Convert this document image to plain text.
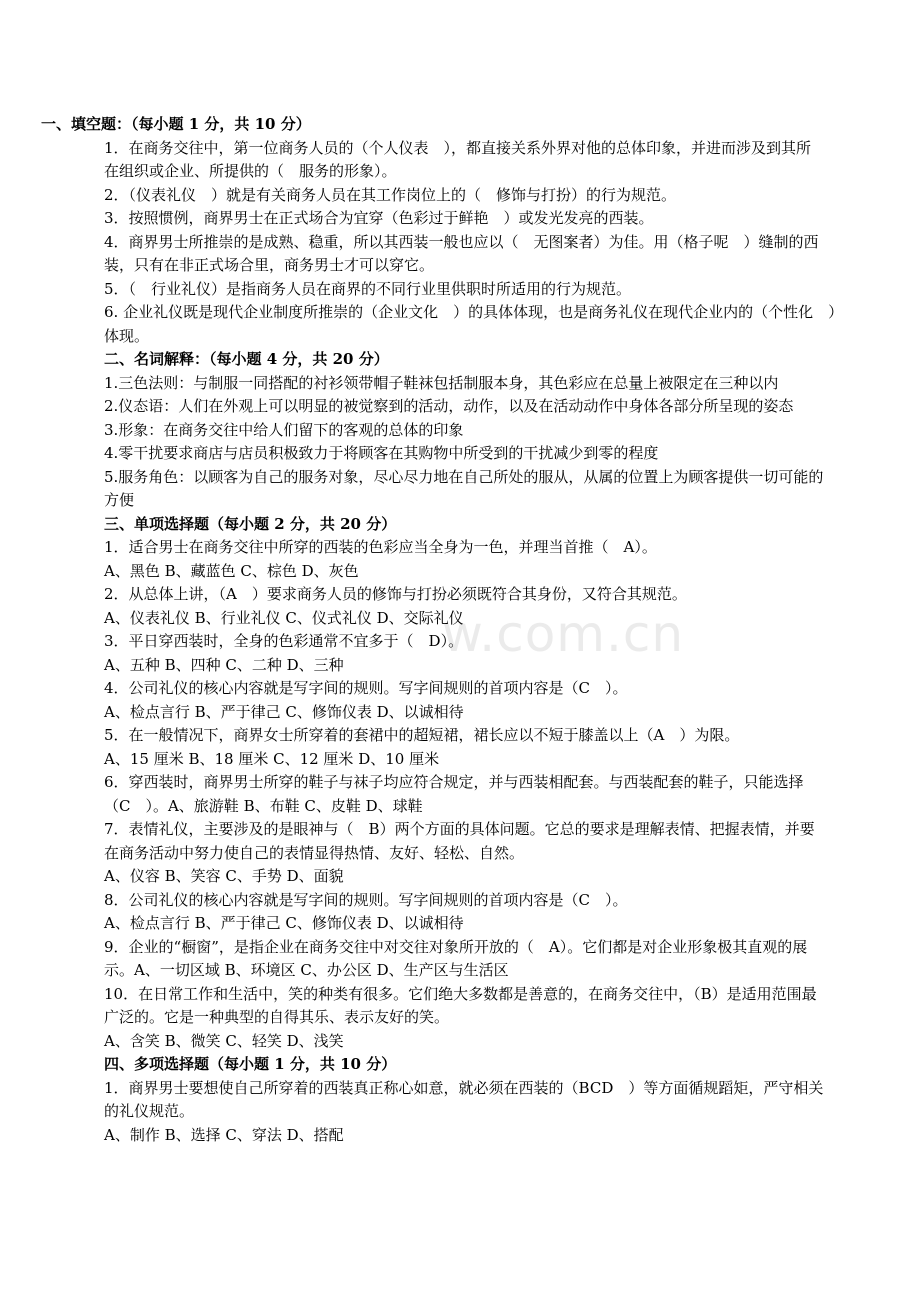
w.com.cn
一、填空题：（每小题 1 分，共 10 分）
1．在商务交往中，第一位商务人员的（个人仪表　），都直接关系外界对他的总体印象，并进而涉及到其所
在组织或企业、所提供的（　服务的形象）。
2．（仪表礼仪　）就是有关商务人员在其工作岗位上的（　修饰与打扮）的行为规范。
3．按照惯例，商界男士在正式场合为宜穿（色彩过于鲜艳　）或发光发亮的西装。
4．商界男士所推崇的是成熟、稳重，所以其西装一般也应以（　无图案者）为佳。用（格子呢　）缝制的西
装，只有在非正式场合里，商务男士才可以穿它。
5．（　行业礼仪）是指商务人员在商界的不同行业里供职时所适用的行为规范。
6. 企业礼仪既是现代企业制度所推崇的（企业文化　）的具体体现，也是商务礼仪在现代企业内的（个性化　）
体现。
二、名词解释：（每小题 4 分，共 20 分）
1.三色法则：与制服一同搭配的衬衫领带帽子鞋袜包括制服本身，其色彩应在总量上被限定在三种以内
2.仪态语：人们在外观上可以明显的被觉察到的活动，动作，以及在活动动作中身体各部分所呈现的姿态
3.形象：在商务交往中给人们留下的客观的总体的印象
4.零干扰要求商店与店员积极致力于将顾客在其购物中所受到的干扰减少到零的程度
5.服务角色：以顾客为自己的服务对象，尽心尽力地在自己所处的服从，从属的位置上为顾客提供一切可能的
方便
三、单项选择题（每小题 2 分，共 20 分）
1．适合男士在商务交往中所穿的西装的色彩应当全身为一色，并理当首推（　A）。
A、黑色 B、藏蓝色 C、棕色 D、灰色
2．从总体上讲，（A　）要求商务人员的修饰与打扮必须既符合其身份，又符合其规范。
A、仪表礼仪 B、行业礼仪 C、仪式礼仪 D、交际礼仪
3．平日穿西装时，全身的色彩通常不宜多于（　D）。
A、五种 B、四种 C、二种 D、三种
4．公司礼仪的核心内容就是写字间的规则。写字间规则的首项内容是（C　）。
A、检点言行 B、严于律己 C、修饰仪表 D、以诚相待
5．在一般情况下，商界女士所穿着的套裙中的超短裙，裙长应以不短于膝盖以上（A　）为限。
A、15 厘米 B、18 厘米 C、12 厘米 D、10 厘米
6．穿西装时，商界男士所穿的鞋子与袜子均应符合规定，并与西装相配套。与西装配套的鞋子，只能选择
（C　）。A、旅游鞋 B、布鞋 C、皮鞋 D、球鞋
7．表情礼仪，主要涉及的是眼神与（　B）两个方面的具体问题。它总的要求是理解表情、把握表情，并要
在商务活动中努力使自己的表情显得热情、友好、轻松、自然。
A、仪容 B、笑容 C、手势 D、面貌
8．公司礼仪的核心内容就是写字间的规则。写字间规则的首项内容是（C　）。
A、检点言行 B、严于律己 C、修饰仪表 D、以诚相待
9．企业的“橱窗”，是指企业在商务交往中对交往对象所开放的（　A）。它们都是对企业形象极其直观的展
示。A、一切区域 B、环境区 C、办公区 D、生产区与生活区
10．在日常工作和生活中，笑的种类有很多。它们绝大多数都是善意的，在商务交往中，（B）是适用范围最
广泛的。它是一种典型的自得其乐、表示友好的笑。
A、含笑 B、微笑 C、轻笑 D、浅笑
四、多项选择题（每小题 1 分，共 10 分）
1．商界男士要想使自己所穿着的西装真正称心如意，就必须在西装的（BCD　）等方面循规蹈矩，严守相关
的礼仪规范。
A、制作 B、选择 C、穿法 D、搭配
